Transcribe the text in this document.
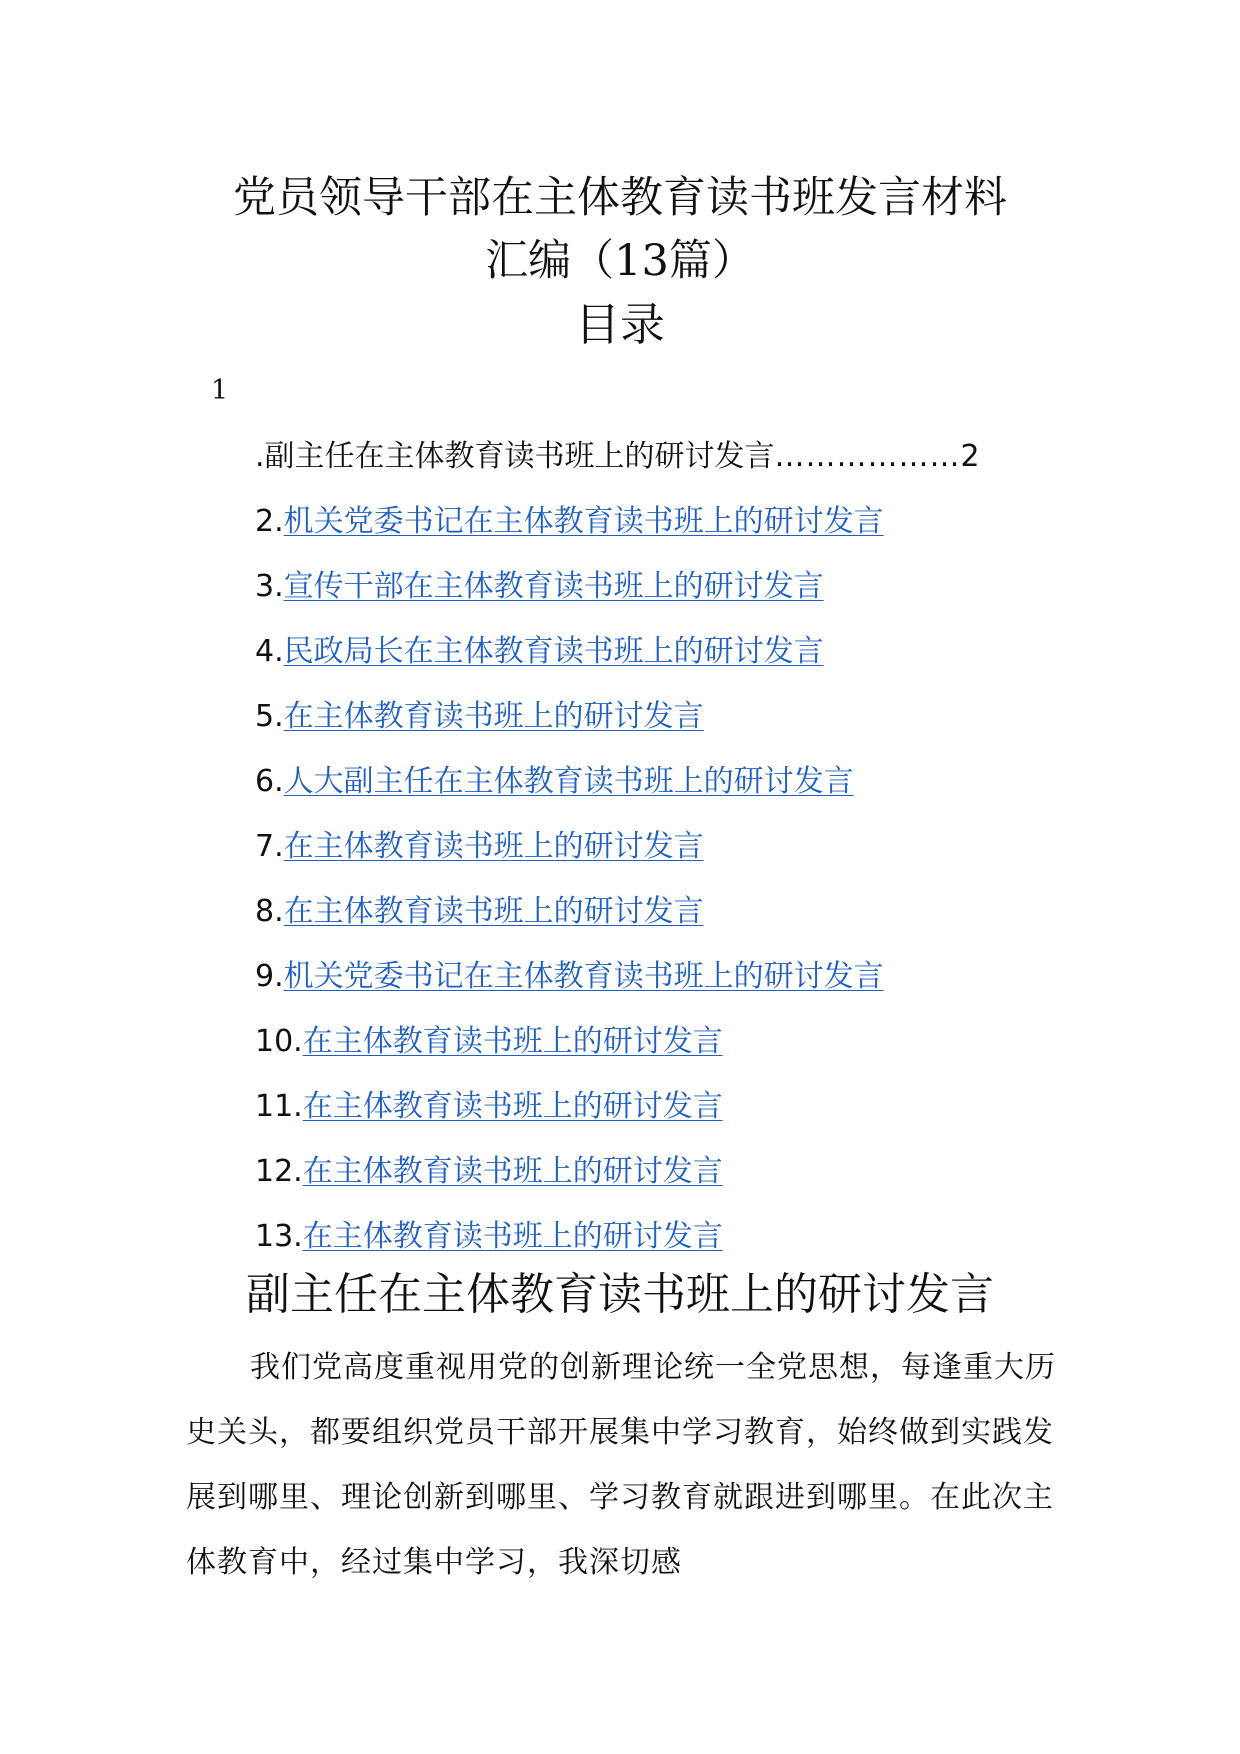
党员领导干部在主体教育读书班发言材料
汇编（13篇）
目录
1
.副主任在主体教育读书班上的研讨发言………………2
2.机关党委书记在主体教育读书班上的研讨发言
3.宣传干部在主体教育读书班上的研讨发言
4.民政局长在主体教育读书班上的研讨发言
5.在主体教育读书班上的研讨发言
6.人大副主任在主体教育读书班上的研讨发言
7.在主体教育读书班上的研讨发言
8.在主体教育读书班上的研讨发言
9.机关党委书记在主体教育读书班上的研讨发言
10.在主体教育读书班上的研讨发言
11.在主体教育读书班上的研讨发言
12.在主体教育读书班上的研讨发言
13.在主体教育读书班上的研讨发言
副主任在主体教育读书班上的研讨发言

我们党高度重视用党的创新理论统一全党思想，每逢重大历史关头，都要组织党员干部开展集中学习教育，始终做到实践发展到哪里、理论创新到哪里、学习教育就跟进到哪里。在此次主体教育中，经过集中学习，我深切感
